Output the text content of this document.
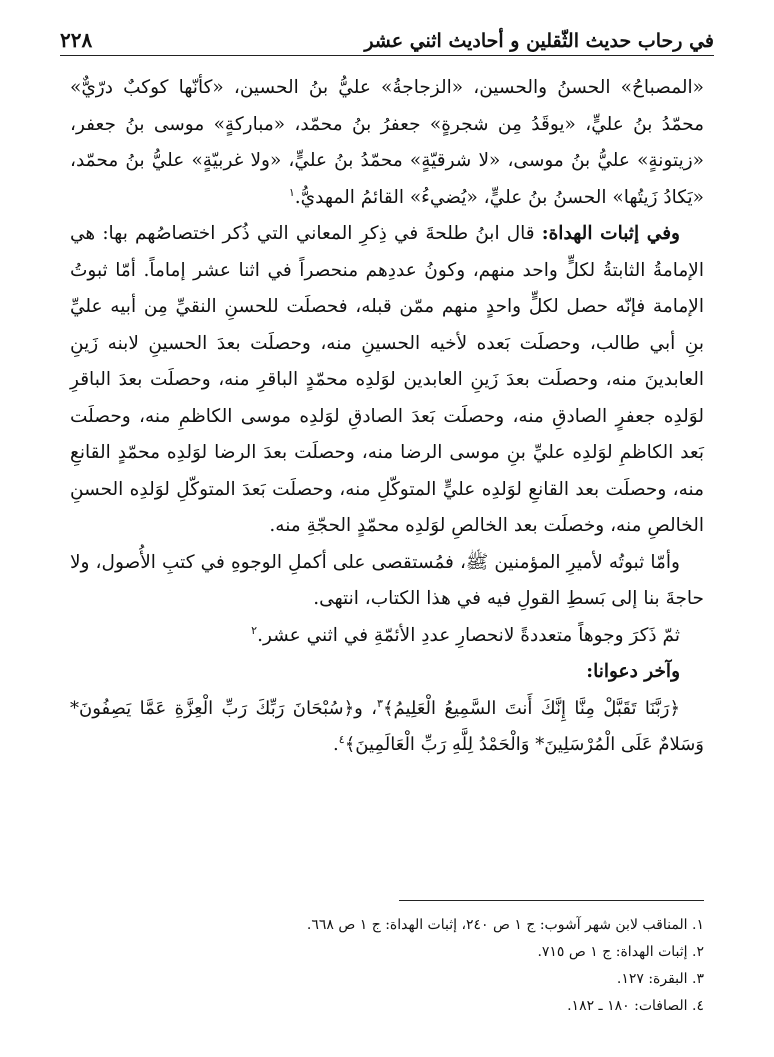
في رحاب حديث الثّقلين و أحاديث اثني عشر
٢٢٨

«المصباحُ» الحسنُ والحسين، «الزجاجةُ» عليُّ بنُ الحسين، «كأنّها كوكبٌ درّيٌّ» محمّدُ بنُ عليٍّ، «يوقَدُ مِن شجرةٍ» جعفرُ بنُ محمّد، «مباركةٍ» موسى بنُ جعفر، «زيتونةٍ» عليُّ بنُ موسى، «لا شرقيّةٍ» محمّدُ بنُ عليٍّ، «ولا غربيّةٍ» عليُّ بنُ محمّد، «يَكادُ زَيتُها» الحسنُ بنُ عليٍّ، «يُضيءُ» القائمُ المهديُّ.$^١$

وفي إثبات الهداة: قال ابنُ طلحةَ في ذِكرِ المعاني التي ذُكر اختصاصُهم بها: هي الإمامةُ الثابتةُ لكلٍّ واحد منهم، وكونُ عددِهم منحصراً في اثنا عشر إماماً. أمّا ثبوتُ الإمامة فإنّه حصل لكلٍّ واحدٍ منهم ممّن قبله، فحصلَت للحسنِ النقيِّ مِن أبيه عليِّ بنِ أبي طالب، وحصلَت بَعده لأخيه الحسينِ منه، وحصلَت بعدَ الحسينِ لابنه زَينِ العابدينَ منه، وحصلَت بعدَ زَينِ العابدين لوَلدِه محمّدٍ الباقرِ منه، وحصلَت بعدَ الباقرِ لوَلدِه جعفرٍ الصادقِ منه، وحصلَت بَعدَ الصادقِ لوَلدِه موسى الكاظمِ منه، وحصلَت بَعد الكاظمِ لوَلدِه عليِّ بنِ موسى الرضا منه، وحصلَت بعدَ الرضا لوَلدِه محمّدٍ القانعِ منه، وحصلَت بعد القانعِ لوَلدِه عليٍّ المتوكّلِ منه، وحصلَت بَعدَ المتوكّلِ لوَلدِه الحسنِ الخالصِ منه، وخصلَت بعد الخالصِ لوَلدِه محمّدٍ الحجّةِ منه.

وأمّا ثبوتُه لأميرِ المؤمنين ﷺ، فمُستقصى على أكملِ الوجوهِ في كتبِ الأُصول، ولا حاجةَ بنا إلى بَسطِ القولِ فيه في هذا الكتاب، انتهى.

ثمّ ذَكرَ وجوهاً متعددةً لانحصارِ عددِ الأئمّةِ في اثني عشر.$^٢$

وآخر دعوانا:

﴿رَبَّنَا تَقَبَّلْ مِنَّا إِنَّكَ أَنتَ السَّمِيعُ الْعَلِيمُ﴾$^٣$، و﴿سُبْحَانَ رَبِّكَ رَبِّ الْعِزَّةِ عَمَّا يَصِفُونَ* وَسَلامٌ عَلَى الْمُرْسَلِينَ* وَالْحَمْدُ لِلَّهِ رَبِّ الْعَالَمِينَ﴾$^٤$.

١. المناقب لابن شهر آشوب: ج ١ ص ٢٤٠، إثبات الهداة: ج ١ ص ٦٦٨.
٢. إثبات الهداة: ج ١ ص ٧١٥.
٣. البقرة: ١٢٧.
٤. الصافات: ١٨٠ ـ ١٨٢.
